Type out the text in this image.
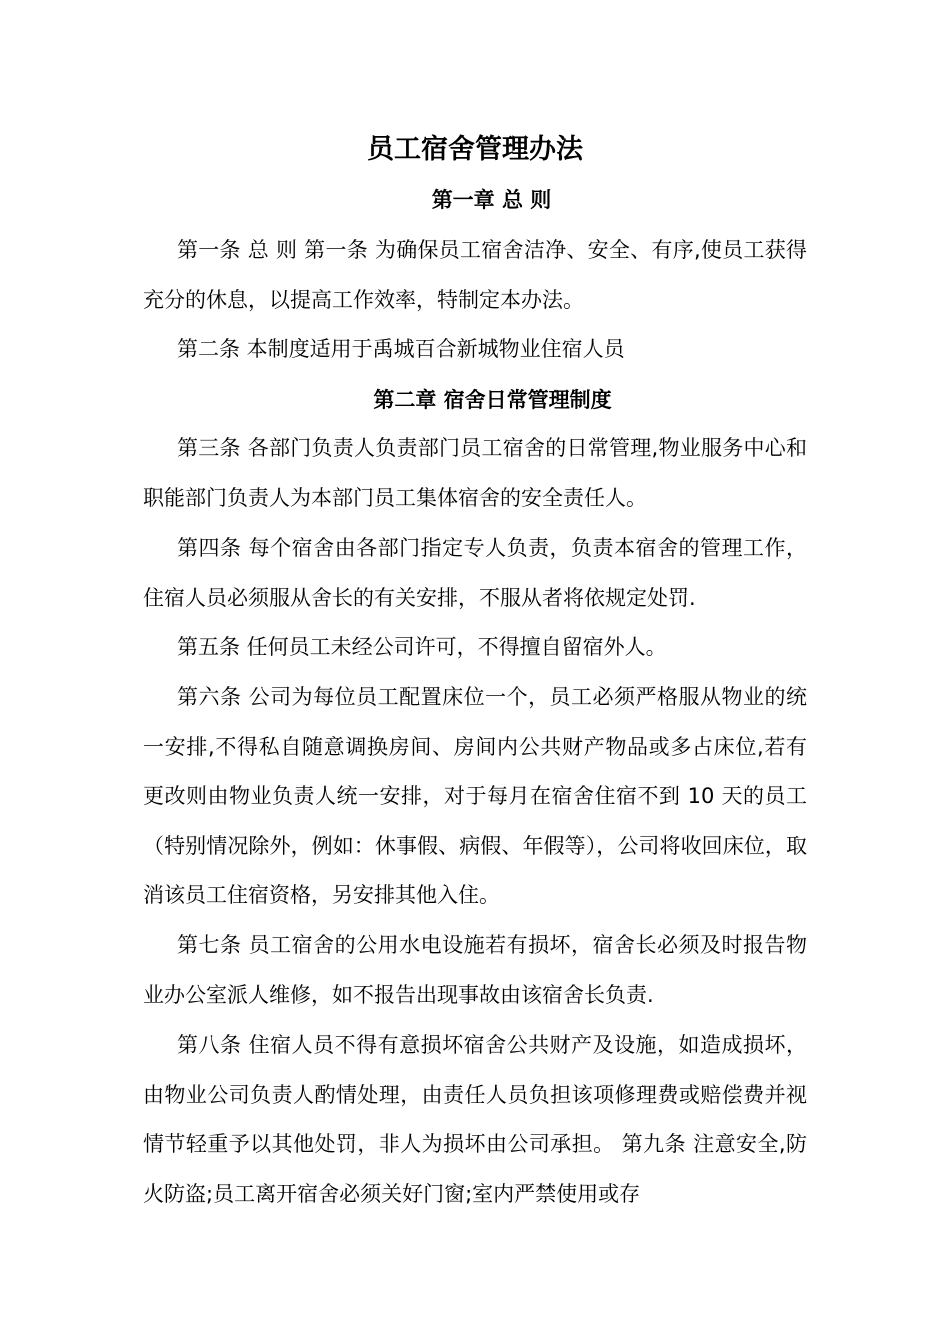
员工宿舍管理办法
第一章 总 则

第一条 总 则 第一条 为确保员工宿舍洁净、安全、有序,使员工获得充分的休息，以提高工作效率，特制定本办法。

第二条 本制度适用于禹城百合新城物业住宿人员

第二章 宿舍日常管理制度

第三条 各部门负责人负责部门员工宿舍的日常管理,物业服务中心和职能部门负责人为本部门员工集体宿舍的安全责任人。

第四条 每个宿舍由各部门指定专人负责，负责本宿舍的管理工作，住宿人员必须服从舍长的有关安排，不服从者将依规定处罚.

第五条 任何员工未经公司许可，不得擅自留宿外人。

第六条 公司为每位员工配置床位一个，员工必须严格服从物业的统一安排,不得私自随意调换房间、房间内公共财产物品或多占床位,若有更改则由物业负责人统一安排，对于每月在宿舍住宿不到 10 天的员工（特别情况除外，例如：休事假、病假、年假等），公司将收回床位，取消该员工住宿资格，另安排其他入住。

第七条 员工宿舍的公用水电设施若有损坏，宿舍长必须及时报告物业办公室派人维修，如不报告出现事故由该宿舍长负责.

第八条 住宿人员不得有意损坏宿舍公共财产及设施，如造成损坏，由物业公司负责人酌情处理，由责任人员负担该项修理费或赔偿费并视情节轻重予以其他处罚，非人为损坏由公司承担。 第九条 注意安全,防火防盗;员工离开宿舍必须关好门窗;室内严禁使用或存
